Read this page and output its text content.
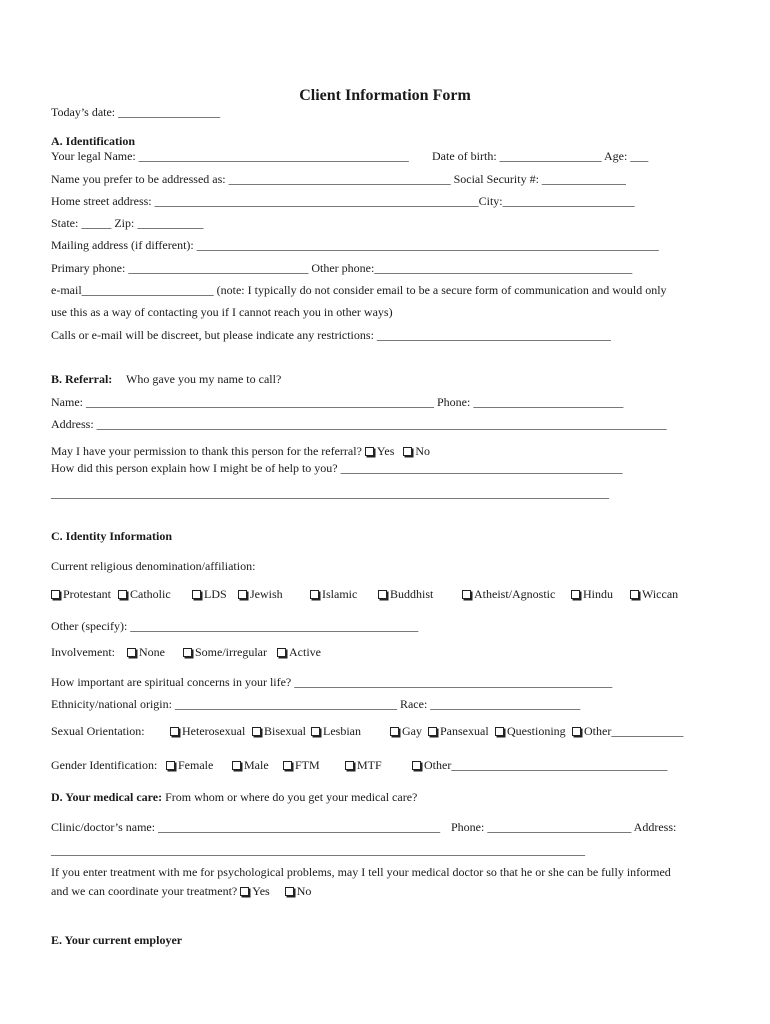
Client Information Form
Today’s date: _________________
A. Identification
Your legal Name: _____________________________________________ Date of birth: _________________ Age: ___
Name you prefer to be addressed as: _____________________________________ Social Security #: ______________
Home street address: ______________________________________________________City:______________________
State: _____ Zip: ___________
Mailing address (if different): _____________________________________________________________________________
Primary phone: ______________________________ Other phone:___________________________________________
e-mail______________________ (note: I typically do not consider email to be a secure form of communication and would only
use this as a way of contacting you if I cannot reach you in other ways)
Calls or e-mail will be discreet, but please indicate any restrictions: _______________________________________
B. Referral: Who gave you my name to call?
Name: __________________________________________________________ Phone: _________________________
Address: _______________________________________________________________________________________________
May I have your permission to thank this person for the referral? Yes No
How did this person explain how I might be of help to you? _______________________________________________
_____________________________________________________________________________________________
C. Identity Information
Current religious denomination/affiliation:
Protestant	Catholic	LDS	Jewish	Islamic	Buddhist	Atheist/Agnostic	Hindu	Wiccan
Other (specify): ________________________________________________
Involvement:	None	Some/irregular	Active
How important are spiritual concerns in your life? _____________________________________________________
Ethnicity/national origin: _____________________________________ Race: _________________________
Sexual Orientation:	Heterosexual	Bisexual	Lesbian	Gay	Pansexual	Questioning	Other____________
Gender Identification:	Female	Male	FTM	MTF	Other____________________________________
D. Your medical care: From whom or where do you get your medical care?
Clinic/doctor’s name: _______________________________________________ Phone: ________________________ Address:
_________________________________________________________________________________________
If you enter treatment with me for psychological problems, may I tell your medical doctor so that he or she can be fully informed
and we can coordinate your treatment? Yes No
E. Your current employer
